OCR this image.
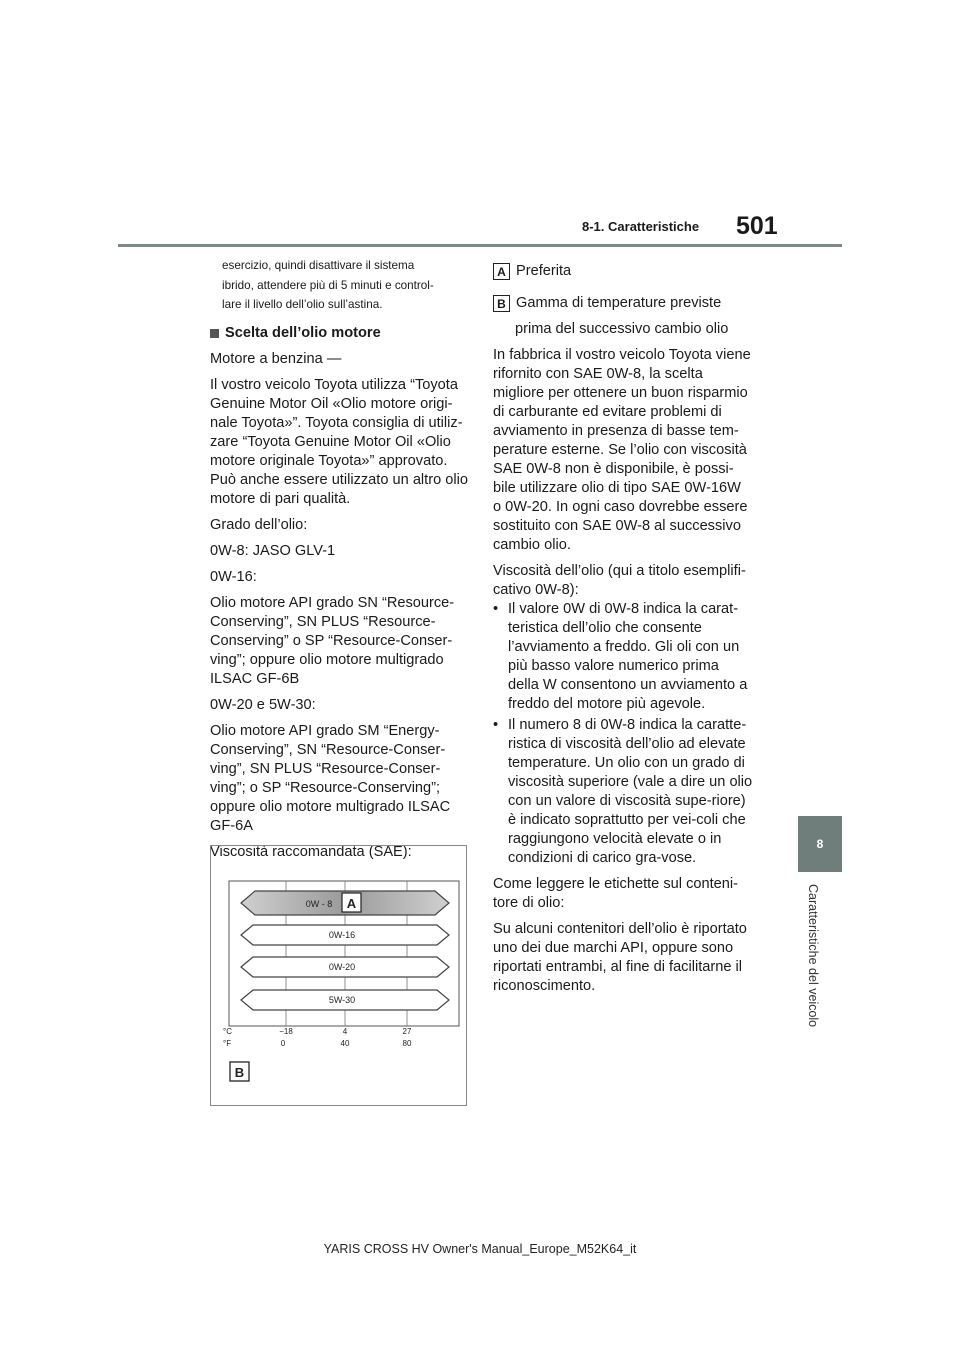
8-1. Caratteristiche 501
8
Caratteristiche del veicolo

esercizio, quindi disattivare il sistema
ibrido, attendere più di 5 minuti e control-
lare il livello dell’olio sull’astina.

Scelta dell’olio motore

Motore a benzina —

Il vostro veicolo Toyota utilizza “Toyota Genuine Motor Oil «Olio motore origi-nale Toyota»”. Toyota consiglia di utiliz-zare “Toyota Genuine Motor Oil «Olio motore originale Toyota»” approvato. Può anche essere utilizzato un altro olio motore di pari qualità.

Grado dell’olio:

0W-8: JASO GLV-1

0W-16:

Olio motore API grado SN “Resource-Conserving”, SN PLUS “Resource-Conserving” o SP “Resource-Conser-ving”; oppure olio motore multigrado ILSAC GF-6B

0W-20 e 5W-30:

Olio motore API grado SM “Energy-Conserving”, SN “Resource-Conser-ving”, SN PLUS “Resource-Conser-ving”; o SP “Resource-Conserving”; oppure olio motore multigrado ILSAC GF-6A

Viscosità raccomandata (SAE):

0W - 8 A
0W-16
0W-20
5W-30
°C
°F
−18	4	27
0	40	80
B

A Preferita

B Gamma di temperature previste

prima del successivo cambio olio

In fabbrica il vostro veicolo Toyota viene rifornito con SAE 0W-8, la scelta migliore per ottenere un buon risparmio di carburante ed evitare problemi di avviamento in presenza di basse tem-perature esterne. Se l’olio con viscosità SAE 0W-8 non è disponibile, è possi-bile utilizzare olio di tipo SAE 0W-16W o 0W-20. In ogni caso dovrebbe essere sostituito con SAE 0W-8 al successivo cambio olio.

Viscosità dell’olio (qui a titolo esemplifi-cativo 0W-8):

• Il valore 0W di 0W-8 indica la carat-teristica dell’olio che consente l’avviamento a freddo. Gli oli con un più basso valore numerico prima della W consentono un avviamento a freddo del motore più agevole.
• Il numero 8 di 0W-8 indica la caratte-ristica di viscosità dell’olio ad elevate temperature. Un olio con un grado di viscosità superiore (vale a dire un olio con un valore di viscosità supe-riore) è indicato soprattutto per vei-coli che raggiungono velocità elevate o in condizioni di carico gra-vose.

Come leggere le etichette sul conteni-tore di olio:

Su alcuni contenitori dell’olio è riportato uno dei due marchi API, oppure sono riportati entrambi, al fine di facilitarne il riconoscimento.

YARIS CROSS HV Owner's Manual_Europe_M52K64_it
